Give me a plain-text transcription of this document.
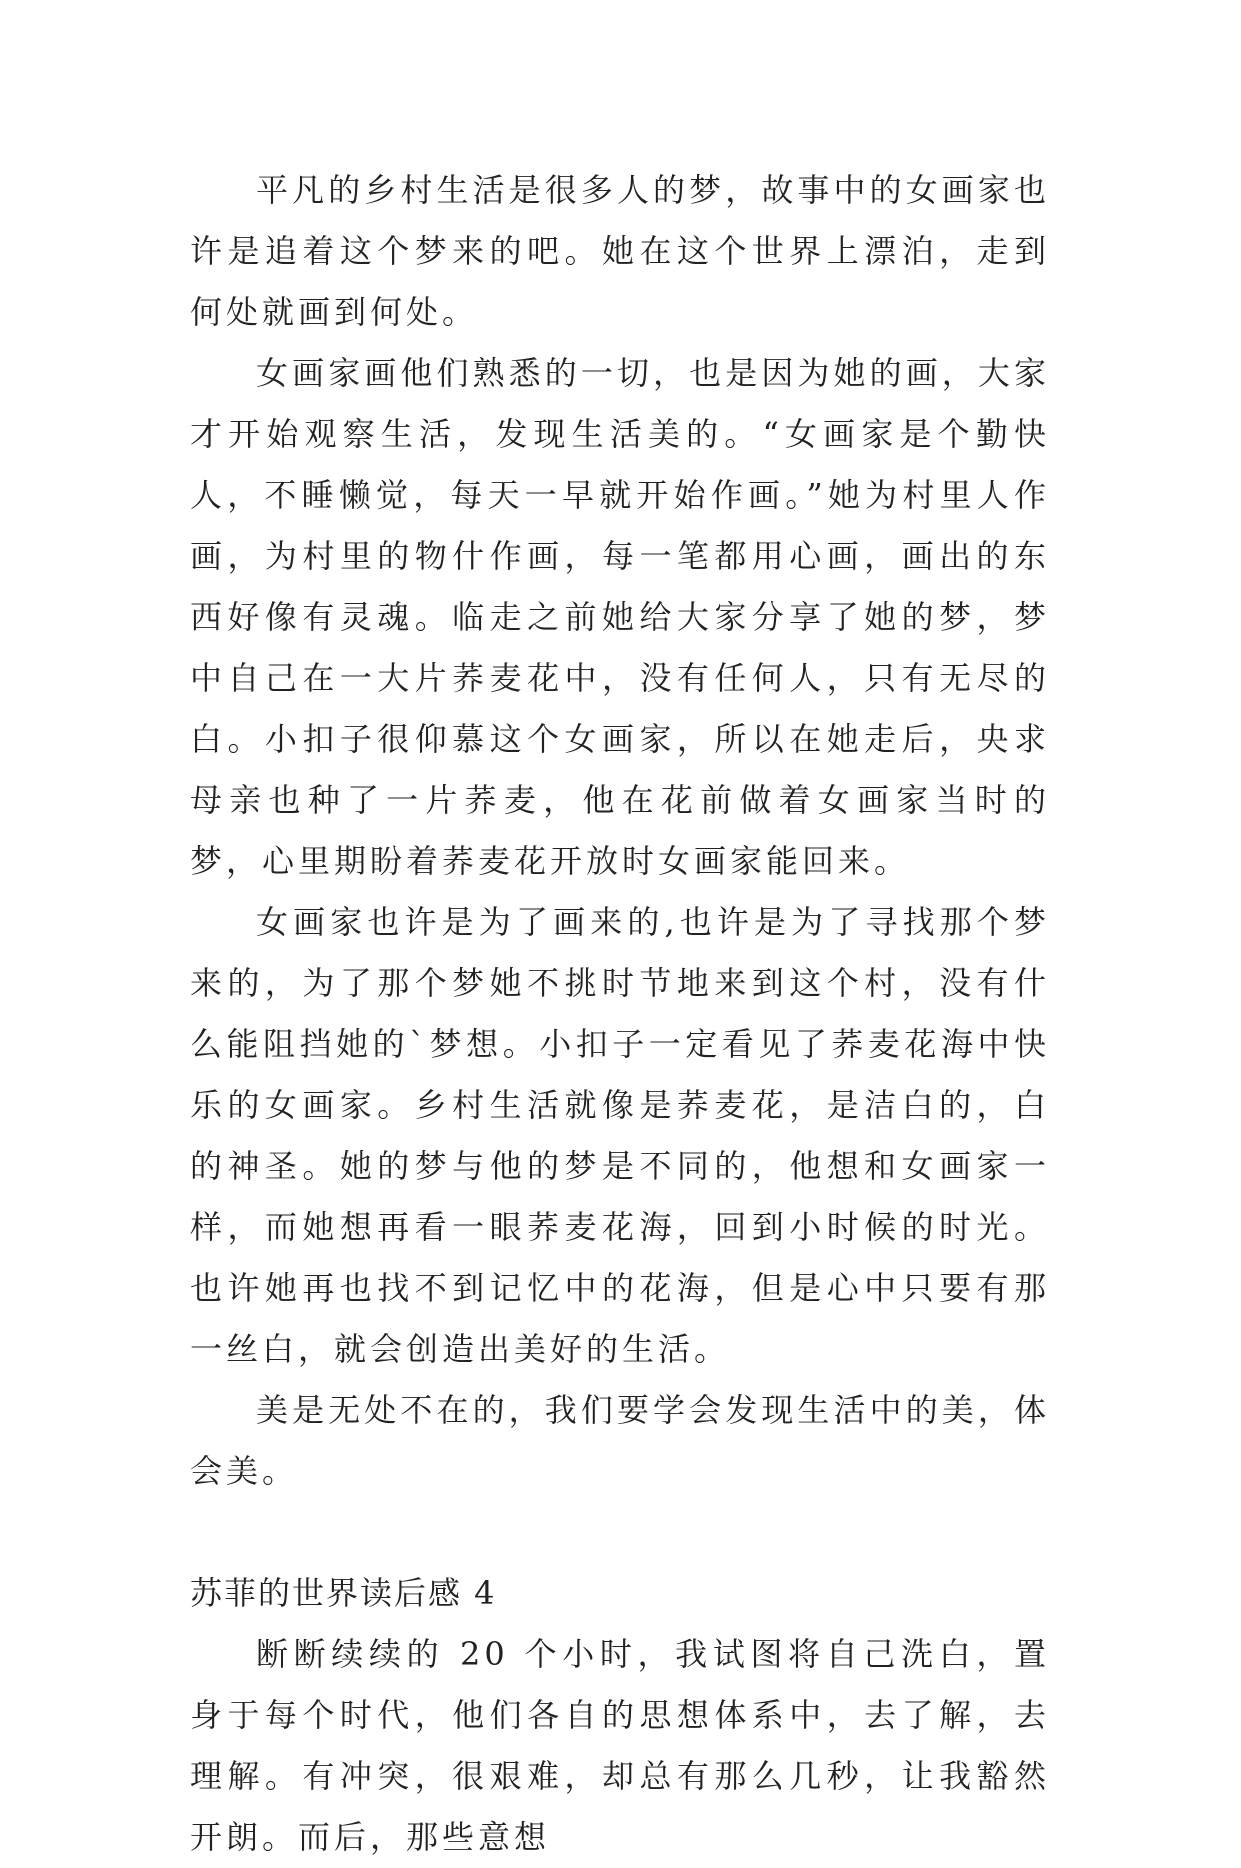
平凡的乡村生活是很多人的梦，故事中的女画家也许是追着这个梦来的吧。她在这个世界上漂泊，走到何处就画到何处。

女画家画他们熟悉的一切，也是因为她的画，大家才开始观察生活，发现生活美的。“女画家是个勤快人，不睡懒觉，每天一早就开始作画。”她为村里人作画，为村里的物什作画，每一笔都用心画，画出的东西好像有灵魂。临走之前她给大家分享了她的梦，梦中自己在一大片荞麦花中，没有任何人，只有无尽的白。小扣子很仰慕这个女画家，所以在她走后，央求母亲也种了一片荞麦，他在花前做着女画家当时的梦，心里期盼着荞麦花开放时女画家能回来。

女画家也许是为了画来的,也许是为了寻找那个梦来的，为了那个梦她不挑时节地来到这个村，没有什么能阻挡她的`梦想。小扣子一定看见了荞麦花海中快乐的女画家。乡村生活就像是荞麦花，是洁白的，白的神圣。她的梦与他的梦是不同的，他想和女画家一样，而她想再看一眼荞麦花海，回到小时候的时光。也许她再也找不到记忆中的花海，但是心中只要有那一丝白，就会创造出美好的生活。

美是无处不在的，我们要学会发现生活中的美，体会美。

苏菲的世界读后感 4

断断续续的 20 个小时，我试图将自己洗白，置身于每个时代，他们各自的思想体系中，去了解，去理解。有冲突，很艰难，却总有那么几秒，让我豁然开朗。而后，那些意想
